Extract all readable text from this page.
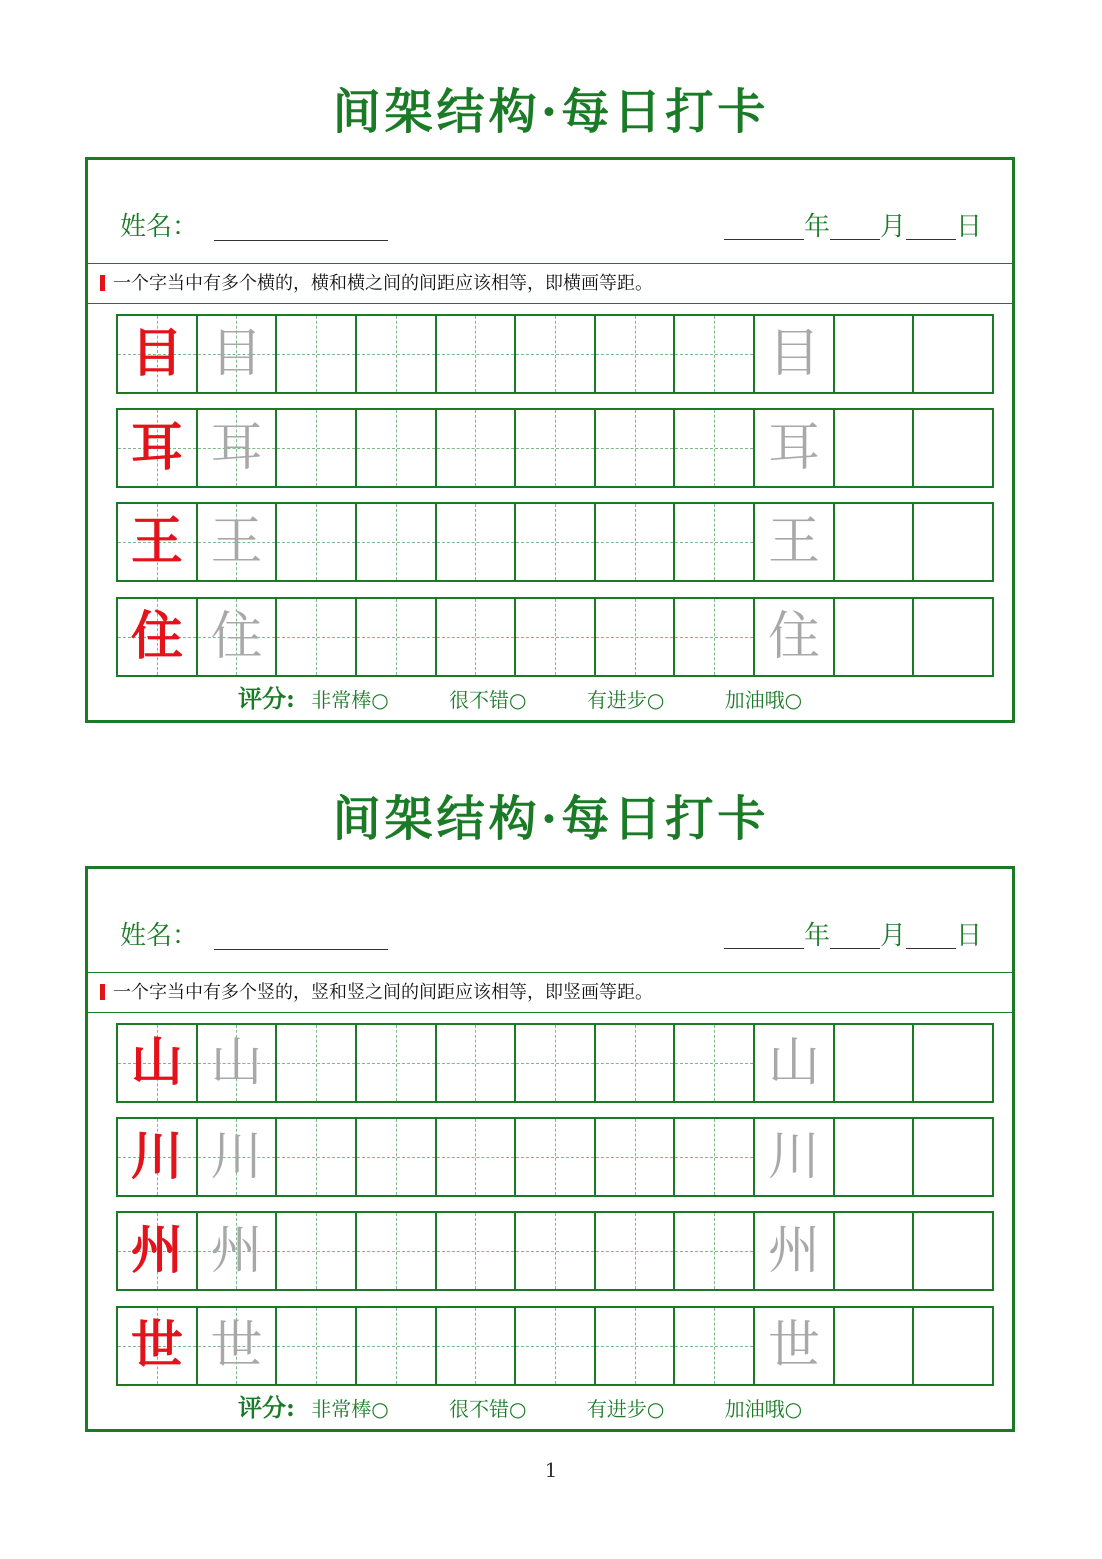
间架结构·每日打卡
姓名：	年 月 日
一个字当中有多个横的，横和横之间的间距应该相等，即横画等距。
目 目	目
耳 耳	耳
王 王	王
住 住	住
评分: 非常棒○	很不错○	有进步○	加油哦○
间架结构·每日打卡
姓名：	年 月 日
一个字当中有多个竖的，竖和竖之间的间距应该相等，即竖画等距。
山 山	山
川 川	川
州 州	州
世 世	世
评分: 非常棒○	很不错○	有进步○	加油哦○
1
